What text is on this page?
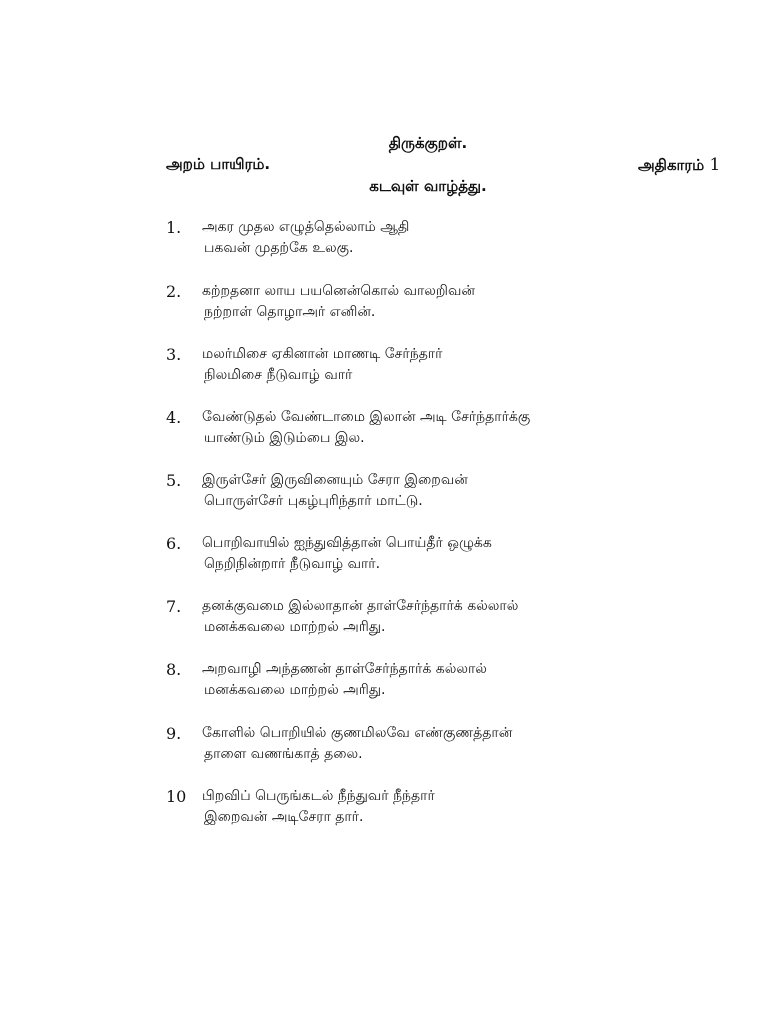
திருக்குறள்.
அறம் பாயிரம்.	அதிகாரம் 1
கடவுள் வாழ்த்து.
1. அகர முதல எழுத்தெல்லாம் ஆதி
பகவன் முதற்கே உலகு.
2. கற்றதனா லாய பயனென்கொல் வாலறிவன்
நற்றாள் தொழாஅர் எனின்.
3. மலர்மிசை ஏகினான் மாணடி சேர்ந்தார்
நிலமிசை நீடுவாழ் வார்
4. வேண்டுதல் வேண்டாமை இலான் அடி சேர்ந்தார்க்கு
யாண்டும் இடும்பை இல.
5. இருள்சேர் இருவினையும் சேரா இறைவன்
பொருள்சேர் புகழ்புரிந்தார் மாட்டு.
6. பொறிவாயில் ஐந்துவித்தான் பொய்தீர் ஒழுக்க
நெறிநின்றார் நீடுவாழ் வார்.
7. தனக்குவமை இல்லாதான் தாள்சேர்ந்தார்க் கல்லால்
மனக்கவலை மாற்றல் அரிது.
8. அறவாழி அந்தணன் தாள்சேர்ந்தார்க் கல்லால்
மனக்கவலை மாற்றல் அரிது.
9. கோளில் பொறியில் குணமிலவே எண்குணத்தான்
தாளை வணங்காத் தலை.
10 பிறவிப் பெருங்கடல் நீந்துவர் நீந்தார்
இறைவன் அடிசேரா தார்.
